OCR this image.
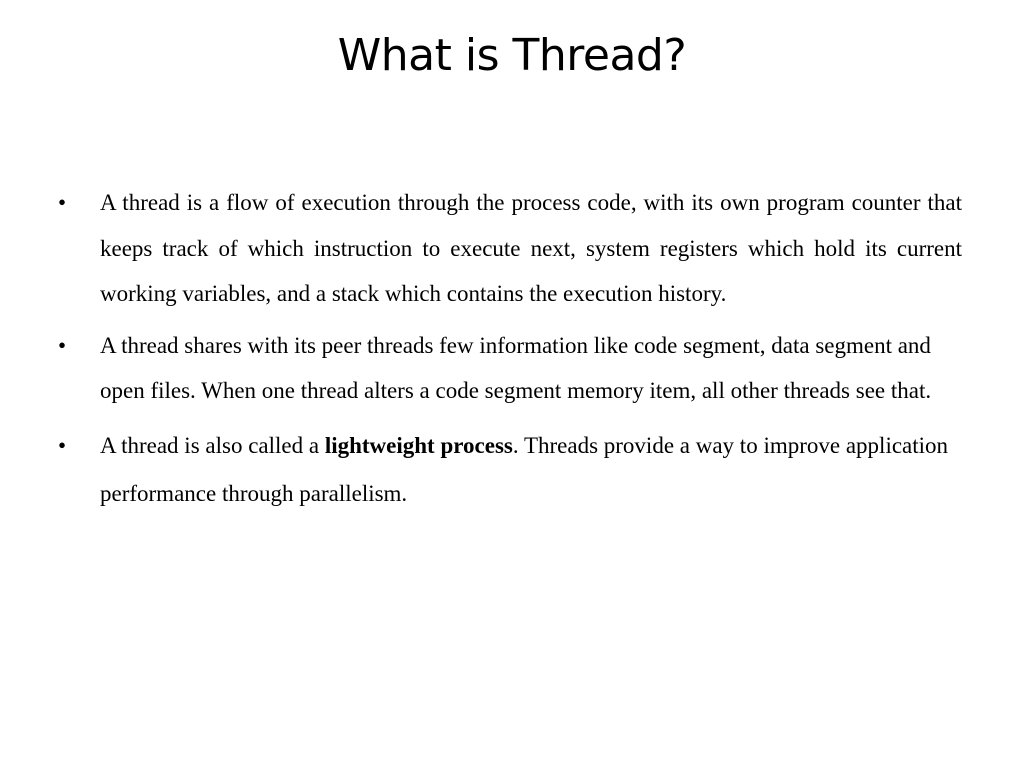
What is Thread?
• A thread is a flow of execution through the process code, with its own program counter that keeps track of which instruction to execute next, system registers which hold its current working variables, and a stack which contains the execution history.
• A thread shares with its peer threads few information like code segment, data segment and open files. When one thread alters a code segment memory item, all other threads see that.
• A thread is also called a lightweight process. Threads provide a way to improve application performance through parallelism.
